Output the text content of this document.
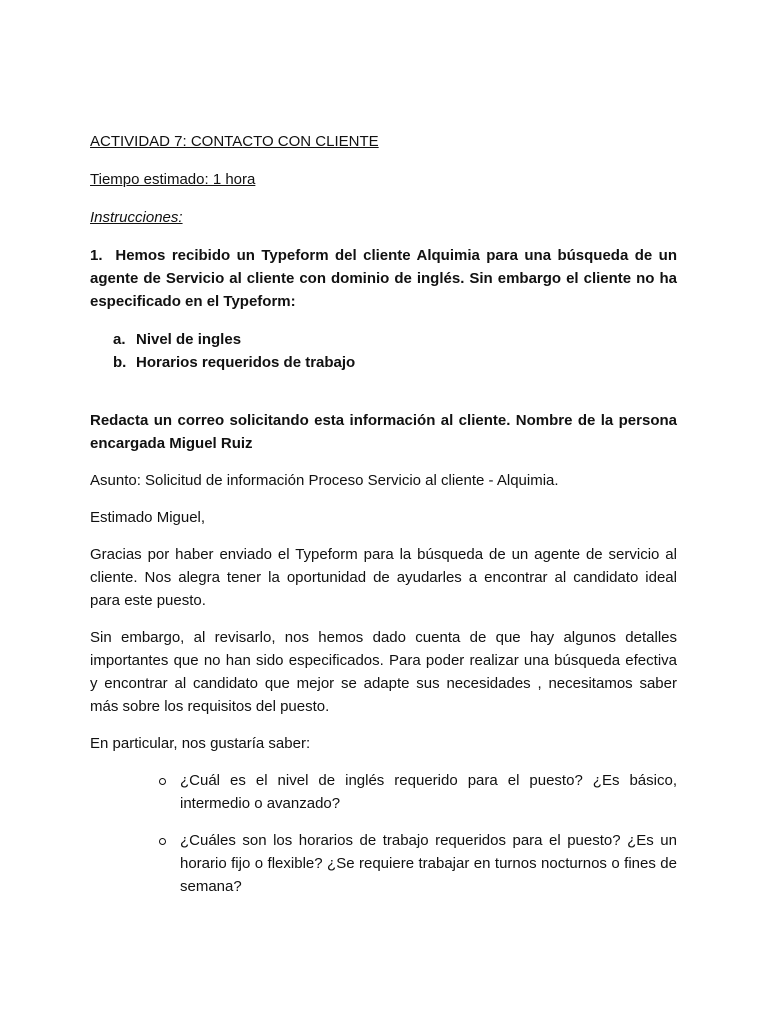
ACTIVIDAD 7: CONTACTO CON CLIENTE

Tiempo estimado: 1 hora

Instrucciones:

1. Hemos recibido un Typeform del cliente Alquimia para una búsqueda de un agente de Servicio al cliente con dominio de inglés. Sin embargo el cliente no ha especificado en el Typeform:

a. Nivel de ingles
b. Horarios requeridos de trabajo

Redacta un correo solicitando esta información al cliente. Nombre de la persona encargada Miguel Ruiz

Asunto: Solicitud de información Proceso Servicio al cliente - Alquimia.

Estimado Miguel,

Gracias por haber enviado el Typeform para la búsqueda de un agente de servicio al cliente. Nos alegra tener la oportunidad de ayudarles a encontrar al candidato ideal para este puesto.

Sin embargo, al revisarlo, nos hemos dado cuenta de que hay algunos detalles importantes que no han sido especificados. Para poder realizar una búsqueda efectiva y encontrar al candidato que mejor se adapte sus necesidades , necesitamos saber más sobre los requisitos del puesto.

En particular, nos gustaría saber:

¿Cuál es el nivel de inglés requerido para el puesto? ¿Es básico, intermedio o avanzado?
¿Cuáles son los horarios de trabajo requeridos para el puesto? ¿Es un horario fijo o flexible? ¿Se requiere trabajar en turnos nocturnos o fines de semana?
